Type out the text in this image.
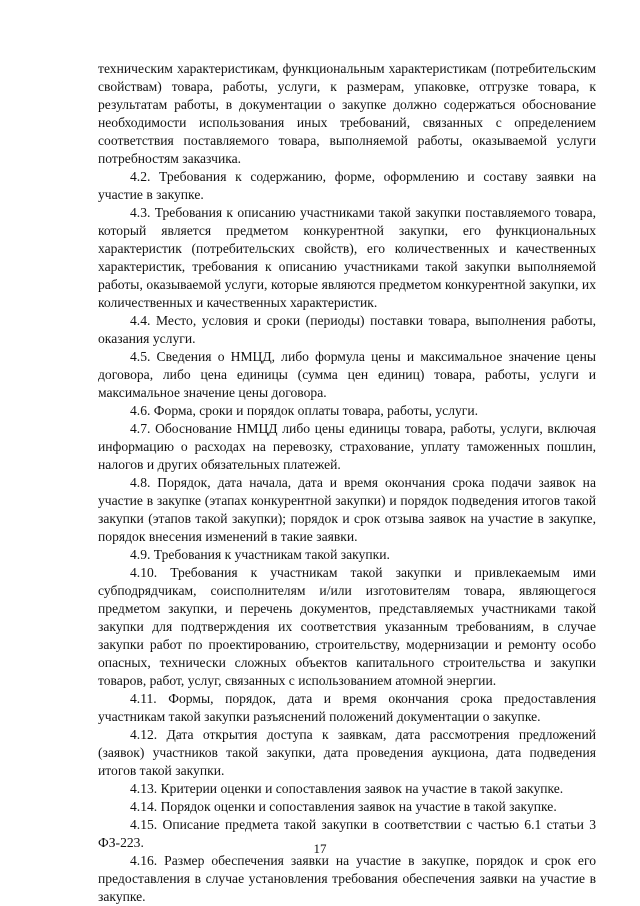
техническим характеристикам, функциональным характеристикам (потребительским свойствам) товара, работы, услуги, к размерам, упаковке, отгрузке товара, к результатам работы, в документации о закупке должно содержаться обоснование необходимости использования иных требований, связанных с определением соответствия поставляемого товара, выполняемой работы, оказываемой услуги потребностям заказчика.

4.2. Требования к содержанию, форме, оформлению и составу заявки на участие в закупке.

4.3. Требования к описанию участниками такой закупки поставляемого товара, который является предметом конкурентной закупки, его функциональных характеристик (потребительских свойств), его количественных и качественных характеристик, требования к описанию участниками такой закупки выполняемой работы, оказываемой услуги, которые являются предметом конкурентной закупки, их количественных и качественных характеристик.

4.4. Место, условия и сроки (периоды) поставки товара, выполнения работы, оказания услуги.

4.5. Сведения о НМЦД, либо формула цены и максимальное значение цены договора, либо цена единицы (сумма цен единиц) товара, работы, услуги и максимальное значение цены договора.

4.6. Форма, сроки и порядок оплаты товара, работы, услуги.

4.7. Обоснование НМЦД либо цены единицы товара, работы, услуги, включая информацию о расходах на перевозку, страхование, уплату таможенных пошлин, налогов и других обязательных платежей.

4.8. Порядок, дата начала, дата и время окончания срока подачи заявок на участие в закупке (этапах конкурентной закупки) и порядок подведения итогов такой закупки (этапов такой закупки); порядок и срок отзыва заявок на участие в закупке, порядок внесения изменений в такие заявки.

4.9. Требования к участникам такой закупки.

4.10. Требования к участникам такой закупки и привлекаемым ими субподрядчикам, соисполнителям и/или изготовителям товара, являющегося предметом закупки, и перечень документов, представляемых участниками такой закупки для подтверждения их соответствия указанным требованиям, в случае закупки работ по проектированию, строительству, модернизации и ремонту особо опасных, технически сложных объектов капитального строительства и закупки товаров, работ, услуг, связанных с использованием атомной энергии.

4.11. Формы, порядок, дата и время окончания срока предоставления участникам такой закупки разъяснений положений документации о закупке.

4.12. Дата открытия доступа к заявкам, дата рассмотрения предложений (заявок) участников такой закупки, дата проведения аукциона, дата подведения итогов такой закупки.

4.13. Критерии оценки и сопоставления заявок на участие в такой закупке.

4.14. Порядок оценки и сопоставления заявок на участие в такой закупке.

4.15. Описание предмета такой закупки в соответствии с частью 6.1 статьи 3 ФЗ-223.

4.16. Размер обеспечения заявки на участие в закупке, порядок и срок его предоставления в случае установления требования обеспечения заявки на участие в закупке.

17
